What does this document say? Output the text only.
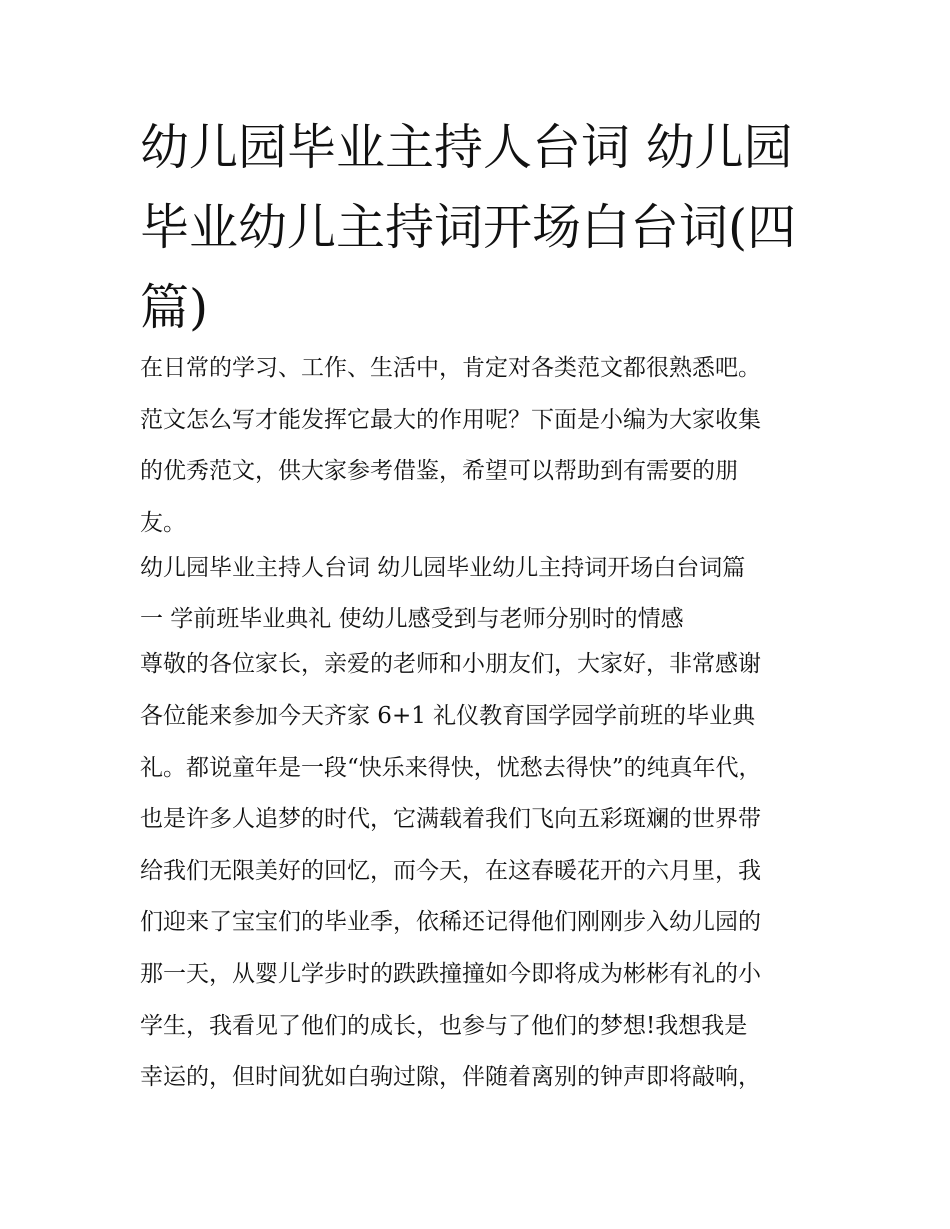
幼儿园毕业主持人台词 幼儿园毕业幼儿主持词开场白台词(四篇)
在日常的学习、工作、生活中，肯定对各类范文都很熟悉吧。
范文怎么写才能发挥它最大的作用呢？下面是小编为大家收集
的优秀范文，供大家参考借鉴，希望可以帮助到有需要的朋
友。
幼儿园毕业主持人台词 幼儿园毕业幼儿主持词开场白台词篇
一 学前班毕业典礼 使幼儿感受到与老师分别时的情感
尊敬的各位家长，亲爱的老师和小朋友们，大家好，非常感谢
各位能来参加今天齐家 6+1 礼仪教育国学园学前班的毕业典
礼。都说童年是一段“快乐来得快，忧愁去得快”的纯真年代，
也是许多人追梦的时代，它满载着我们飞向五彩斑斓的世界带
给我们无限美好的回忆，而今天，在这春暖花开的六月里，我
们迎来了宝宝们的毕业季，依稀还记得他们刚刚步入幼儿园的
那一天，从婴儿学步时的跌跌撞撞如今即将成为彬彬有礼的小
学生，我看见了他们的成长，也参与了他们的梦想!我想我是
幸运的，但时间犹如白驹过隙，伴随着离别的钟声即将敲响，
